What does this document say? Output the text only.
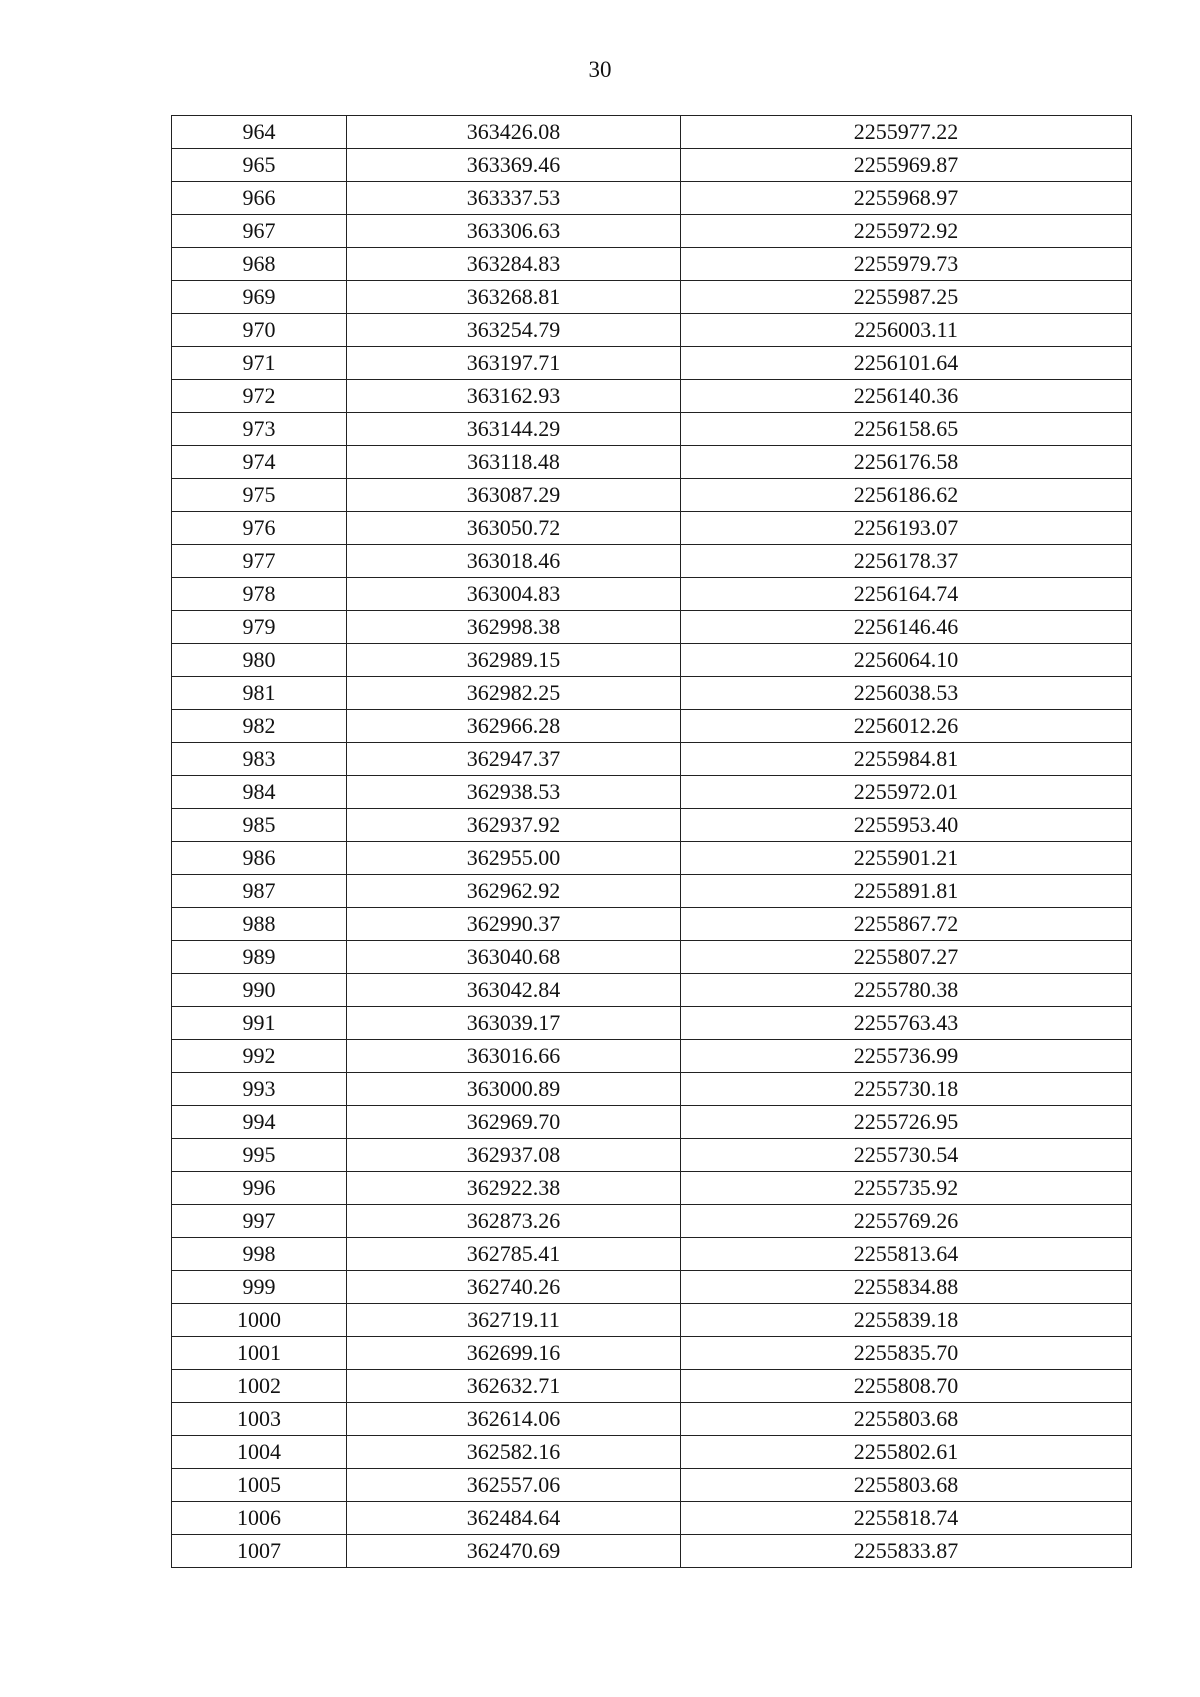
30
964	363426.08	2255977.22
965	363369.46	2255969.87
966	363337.53	2255968.97
967	363306.63	2255972.92
968	363284.83	2255979.73
969	363268.81	2255987.25
970	363254.79	2256003.11
971	363197.71	2256101.64
972	363162.93	2256140.36
973	363144.29	2256158.65
974	363118.48	2256176.58
975	363087.29	2256186.62
976	363050.72	2256193.07
977	363018.46	2256178.37
978	363004.83	2256164.74
979	362998.38	2256146.46
980	362989.15	2256064.10
981	362982.25	2256038.53
982	362966.28	2256012.26
983	362947.37	2255984.81
984	362938.53	2255972.01
985	362937.92	2255953.40
986	362955.00	2255901.21
987	362962.92	2255891.81
988	362990.37	2255867.72
989	363040.68	2255807.27
990	363042.84	2255780.38
991	363039.17	2255763.43
992	363016.66	2255736.99
993	363000.89	2255730.18
994	362969.70	2255726.95
995	362937.08	2255730.54
996	362922.38	2255735.92
997	362873.26	2255769.26
998	362785.41	2255813.64
999	362740.26	2255834.88
1000	362719.11	2255839.18
1001	362699.16	2255835.70
1002	362632.71	2255808.70
1003	362614.06	2255803.68
1004	362582.16	2255802.61
1005	362557.06	2255803.68
1006	362484.64	2255818.74
1007	362470.69	2255833.87
